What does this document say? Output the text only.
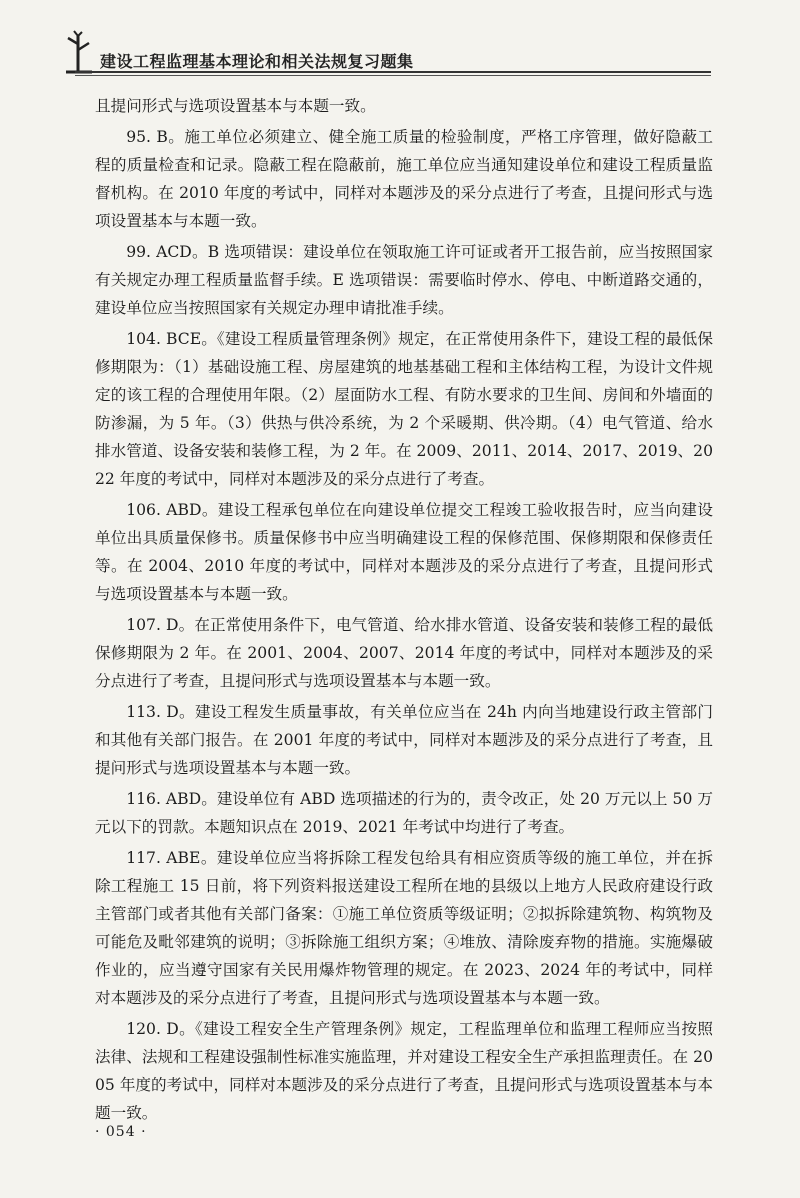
建设工程监理基本理论和相关法规复习题集

且提问形式与选项设置基本与本题一致。

95. B。施工单位必须建立、健全施工质量的检验制度，严格工序管理，做好隐蔽工程的质量检查和记录。隐蔽工程在隐蔽前，施工单位应当通知建设单位和建设工程质量监督机构。在 2010 年度的考试中，同样对本题涉及的采分点进行了考查，且提问形式与选项设置基本与本题一致。

99. ACD。B 选项错误：建设单位在领取施工许可证或者开工报告前，应当按照国家有关规定办理工程质量监督手续。E 选项错误：需要临时停水、停电、中断道路交通的，建设单位应当按照国家有关规定办理申请批准手续。

104. BCE。《建设工程质量管理条例》规定，在正常使用条件下，建设工程的最低保修期限为：（1）基础设施工程、房屋建筑的地基基础工程和主体结构工程，为设计文件规定的该工程的合理使用年限。（2）屋面防水工程、有防水要求的卫生间、房间和外墙面的防渗漏，为 5 年。（3）供热与供冷系统，为 2 个采暖期、供冷期。（4）电气管道、给水排水管道、设备安装和装修工程，为 2 年。在 2009、2011、2014、2017、2019、2022 年度的考试中，同样对本题涉及的采分点进行了考查。

106. ABD。建设工程承包单位在向建设单位提交工程竣工验收报告时，应当向建设单位出具质量保修书。质量保修书中应当明确建设工程的保修范围、保修期限和保修责任等。在 2004、2010 年度的考试中，同样对本题涉及的采分点进行了考查，且提问形式与选项设置基本与本题一致。

107. D。在正常使用条件下，电气管道、给水排水管道、设备安装和装修工程的最低保修期限为 2 年。在 2001、2004、2007、2014 年度的考试中，同样对本题涉及的采分点进行了考查，且提问形式与选项设置基本与本题一致。

113. D。建设工程发生质量事故，有关单位应当在 24h 内向当地建设行政主管部门和其他有关部门报告。在 2001 年度的考试中，同样对本题涉及的采分点进行了考查，且提问形式与选项设置基本与本题一致。

116. ABD。建设单位有 ABD 选项描述的行为的，责令改正，处 20 万元以上 50 万元以下的罚款。本题知识点在 2019、2021 年考试中均进行了考查。

117. ABE。建设单位应当将拆除工程发包给具有相应资质等级的施工单位，并在拆除工程施工 15 日前，将下列资料报送建设工程所在地的县级以上地方人民政府建设行政主管部门或者其他有关部门备案：①施工单位资质等级证明；②拟拆除建筑物、构筑物及可能危及毗邻建筑的说明；③拆除施工组织方案；④堆放、清除废弃物的措施。实施爆破作业的，应当遵守国家有关民用爆炸物管理的规定。在 2023、2024 年的考试中，同样对本题涉及的采分点进行了考查，且提问形式与选项设置基本与本题一致。

120. D。《建设工程安全生产管理条例》规定，工程监理单位和监理工程师应当按照法律、法规和工程建设强制性标准实施监理，并对建设工程安全生产承担监理责任。在 2005 年度的考试中，同样对本题涉及的采分点进行了考查，且提问形式与选项设置基本与本题一致。

· 054 ·
